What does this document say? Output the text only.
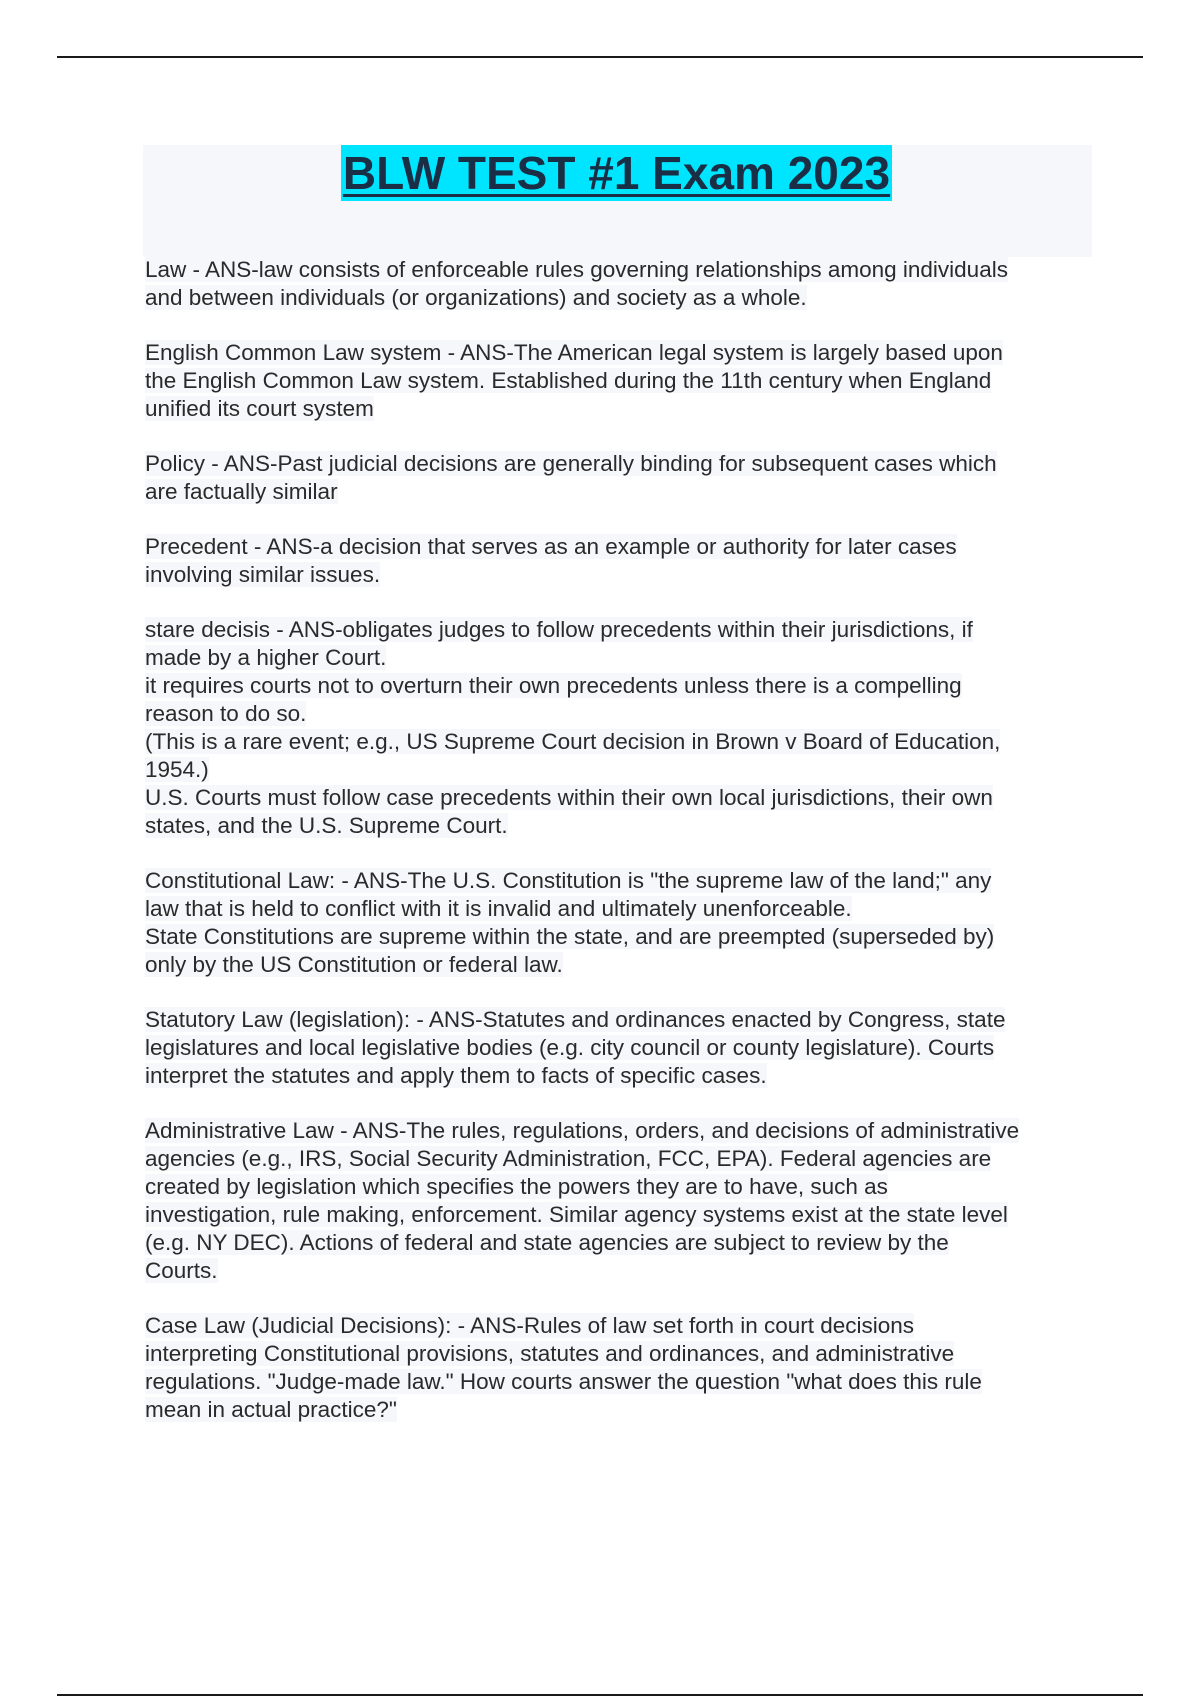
BLW TEST #1 Exam 2023
Law - ANS-law consists of enforceable rules governing relationships among individuals
and between individuals (or organizations) and society as a whole.
English Common Law system - ANS-The American legal system is largely based upon
the English Common Law system. Established during the 11th century when England
unified its court system
Policy - ANS-Past judicial decisions are generally binding for subsequent cases which
are factually similar
Precedent - ANS-a decision that serves as an example or authority for later cases
involving similar issues.
stare decisis - ANS-obligates judges to follow precedents within their jurisdictions, if
made by a higher Court.
it requires courts not to overturn their own precedents unless there is a compelling
reason to do so.
(This is a rare event; e.g., US Supreme Court decision in Brown v Board of Education,
1954.)
U.S. Courts must follow case precedents within their own local jurisdictions, their own
states, and the U.S. Supreme Court.
Constitutional Law: - ANS-The U.S. Constitution is "the supreme law of the land;" any
law that is held to conflict with it is invalid and ultimately unenforceable.
State Constitutions are supreme within the state, and are preempted (superseded by)
only by the US Constitution or federal law.
Statutory Law (legislation): - ANS-Statutes and ordinances enacted by Congress, state
legislatures and local legislative bodies (e.g. city council or county legislature). Courts
interpret the statutes and apply them to facts of specific cases.
Administrative Law - ANS-The rules, regulations, orders, and decisions of administrative
agencies (e.g., IRS, Social Security Administration, FCC, EPA). Federal agencies are
created by legislation which specifies the powers they are to have, such as
investigation, rule making, enforcement. Similar agency systems exist at the state level
(e.g. NY DEC). Actions of federal and state agencies are subject to review by the
Courts.
Case Law (Judicial Decisions): - ANS-Rules of law set forth in court decisions
interpreting Constitutional provisions, statutes and ordinances, and administrative
regulations. "Judge-made law." How courts answer the question "what does this rule
mean in actual practice?"
